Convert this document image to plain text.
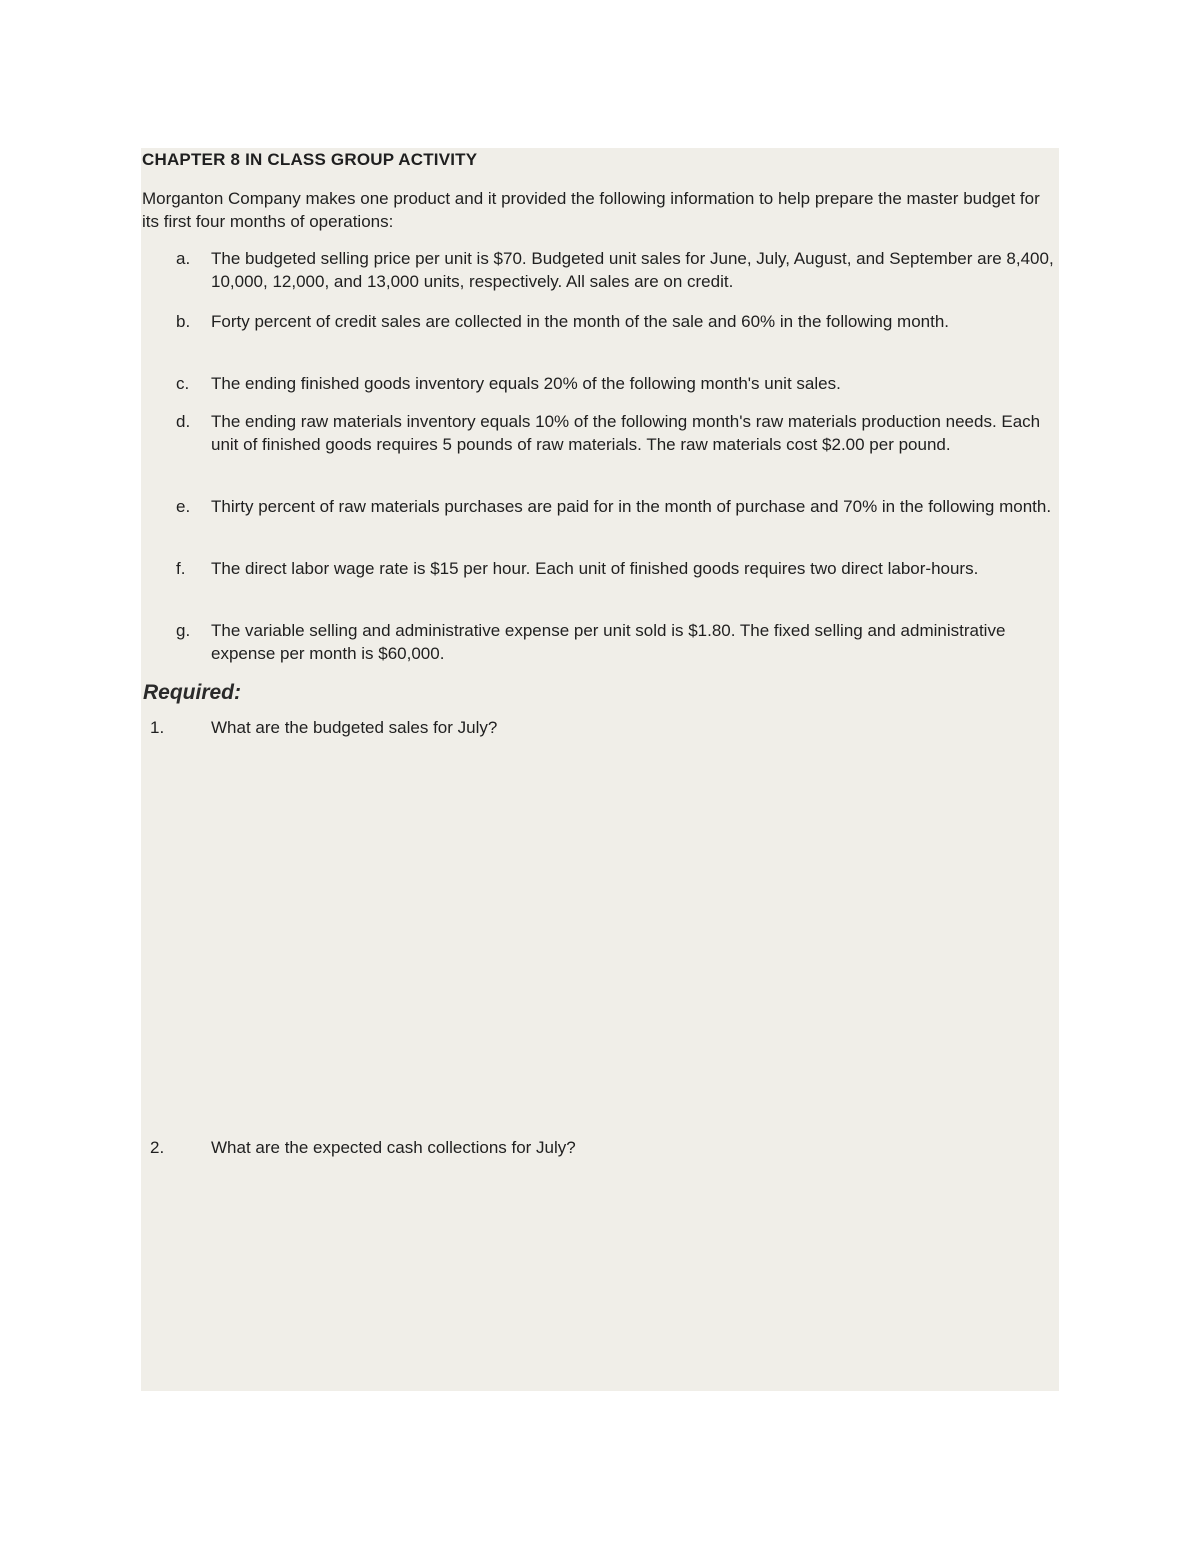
CHAPTER 8 IN CLASS GROUP ACTIVITY
Morganton Company makes one product and it provided the following information to help prepare the master budget for its first four months of operations:
a.	The budgeted selling price per unit is $70. Budgeted unit sales for June, July, August, and September are 8,400, 10,000, 12,000, and 13,000 units, respectively. All sales are on credit.
b.	Forty percent of credit sales are collected in the month of the sale and 60% in the following month.
c.	The ending finished goods inventory equals 20% of the following month's unit sales.
d.	The ending raw materials inventory equals 10% of the following month's raw materials production needs. Each unit of finished goods requires 5 pounds of raw materials. The raw materials cost $2.00 per pound.
e.	Thirty percent of raw materials purchases are paid for in the month of purchase and 70% in the following month.
f.	The direct labor wage rate is $15 per hour. Each unit of finished goods requires two direct labor-hours.
g.	The variable selling and administrative expense per unit sold is $1.80. The fixed selling and administrative expense per month is $60,000.
Required:
1.	What are the budgeted sales for July?
2.	What are the expected cash collections for July?
